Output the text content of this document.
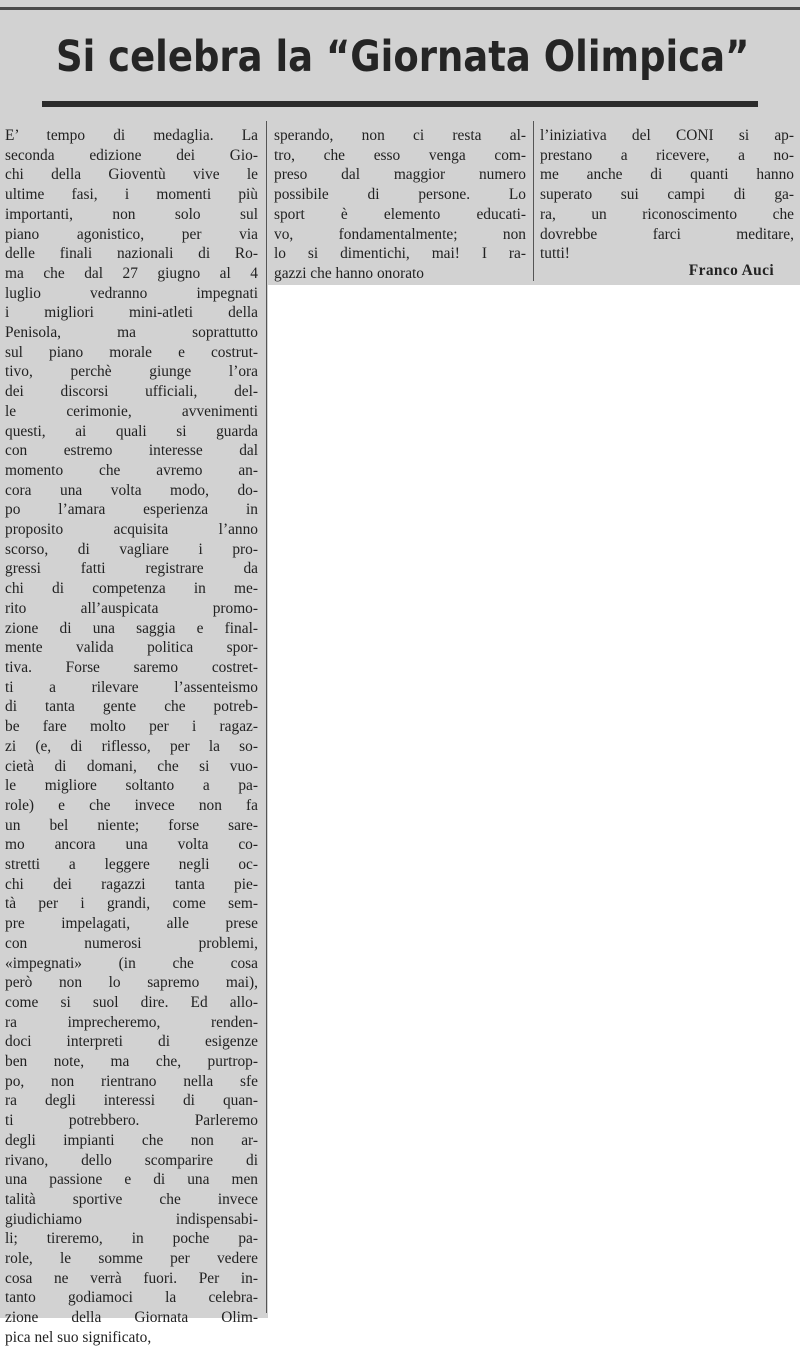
Si celebra la “Giornata Olimpica”
E’ tempo di medaglia. La
seconda edizione dei Gio-
chi della Gioventù vive le
ultime fasi, i momenti più
importanti, non solo sul
piano agonistico, per via
delle finali nazionali di Ro-
ma che dal 27 giugno al 4
luglio vedranno impegnati
i migliori mini-atleti della
Penisola, ma soprattutto
sul piano morale e costrut-
tivo, perchè giunge l’ora
dei discorsi ufficiali, del-
le cerimonie, avvenimenti
questi, ai quali si guarda
con estremo interesse dal
momento che avremo an-
cora una volta modo, do-
po l’amara esperienza in
proposito acquisita l’anno
scorso, di vagliare i pro-
gressi fatti registrare da
chi di competenza in me-
rito all’auspicata promo-
zione di una saggia e final-
mente valida politica spor-
tiva. Forse saremo costret-
ti a rilevare l’assenteismo
di tanta gente che potreb-
be fare molto per i ragaz-
zi (e, di riflesso, per la so-
cietà di domani, che si vuo-
le migliore soltanto a pa-
role) e che invece non fa
un bel niente; forse sare-
mo ancora una volta co-
stretti a leggere negli oc-
chi dei ragazzi tanta pie-
tà per i grandi, come sem-
pre impelagati, alle prese
con numerosi problemi,
«impegnati» (in che cosa
però non lo sapremo mai),
come si suol dire. Ed allo-
ra imprecheremo, renden-
doci interpreti di esigenze
ben note, ma che, purtrop-
po, non rientrano nella sfe
ra degli interessi di quan-
ti potrebbero. Parleremo
degli impianti che non ar-
rivano, dello scomparire di
una passione e di una men
talità sportive che invece
giudichiamo indispensabi-
li; tireremo, in poche pa-
role, le somme per vedere
cosa ne verrà fuori. Per in-
tanto godiamoci la celebra-
zione della Giornata Olim-
pica nel suo significato,
sperando, non ci resta al-
tro, che esso venga com-
preso dal maggior numero
possibile di persone. Lo
sport è elemento educati-
vo, fondamentalmente; non
lo si dimentichi, mai! I ra-
gazzi che hanno onorato
l’iniziativa del CONI si ap-
prestano a ricevere, a no-
me anche di quanti hanno
superato sui campi di ga-
ra, un riconoscimento che
dovrebbe farci meditare,
tutti!
Franco Auci
